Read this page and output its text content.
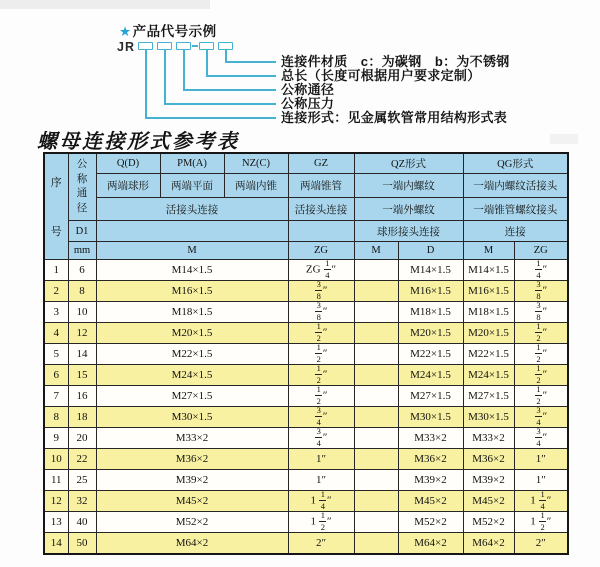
★产品代号示例
JR
连接件材质　c：为碳钢　b：为不锈钢
总长（长度可根据用户要求定制）
公称通径
公称压力
连接形式：见金属软管常用结构形式表
螺母连接形式参考表
序
号	公
称
通
径	Q(D)	PM(A)	NZ(C)	GZ	QZ形式		QG形式	
		两端球形	两端平面	两端内锥	两端锥管	一端内螺纹		一端内螺纹活接头	
		活接头连接			活接头连接	一端外螺纹		一端锥管螺纹接头	
	D1					球形接头连接		连接	
	mm	M			ZG	M	D	M	ZG
1	6	M14×1.5			ZG $\frac{1}{4}$ ″		M14×1.5	M14×1.5	$\frac{1}{4}$ ″
2	8	M16×1.5			$\frac{3}{8}$ ″		M16×1.5	M16×1.5	$\frac{3}{8}$ ″
3	10	M18×1.5			$\frac{3}{8}$ ″		M18×1.5	M18×1.5	$\frac{3}{8}$ ″
4	12	M20×1.5			$\frac{1}{2}$ ″		M20×1.5	M20×1.5	$\frac{1}{2}$ ″
5	14	M22×1.5			$\frac{1}{2}$ ″		M22×1.5	M22×1.5	$\frac{1}{2}$ ″
6	15	M24×1.5			$\frac{1}{2}$ ″		M24×1.5	M24×1.5	$\frac{1}{2}$ ″
7	16	M27×1.5			$\frac{1}{2}$ ″		M27×1.5	M27×1.5	$\frac{1}{2}$ ″
8	18	M30×1.5			$\frac{3}{4}$ ″		M30×1.5	M30×1.5	$\frac{3}{4}$ ″
9	20	M33×2			$\frac{3}{4}$ ″		M33×2	M33×2	$\frac{3}{4}$ ″
10	22	M36×2			1″		M36×2	M36×2	1″
11	25	M39×2			1″		M39×2	M39×2	1″
12	32	M45×2			$1 \frac{1}{4}$ ″		M45×2	M45×2	$1 \frac{1}{4}$ ″
13	40	M52×2			$1 \frac{1}{2}$ ″		M52×2	M52×2	$1 \frac{1}{2}$ ″
14	50	M64×2			2″		M64×2	M64×2	2″
